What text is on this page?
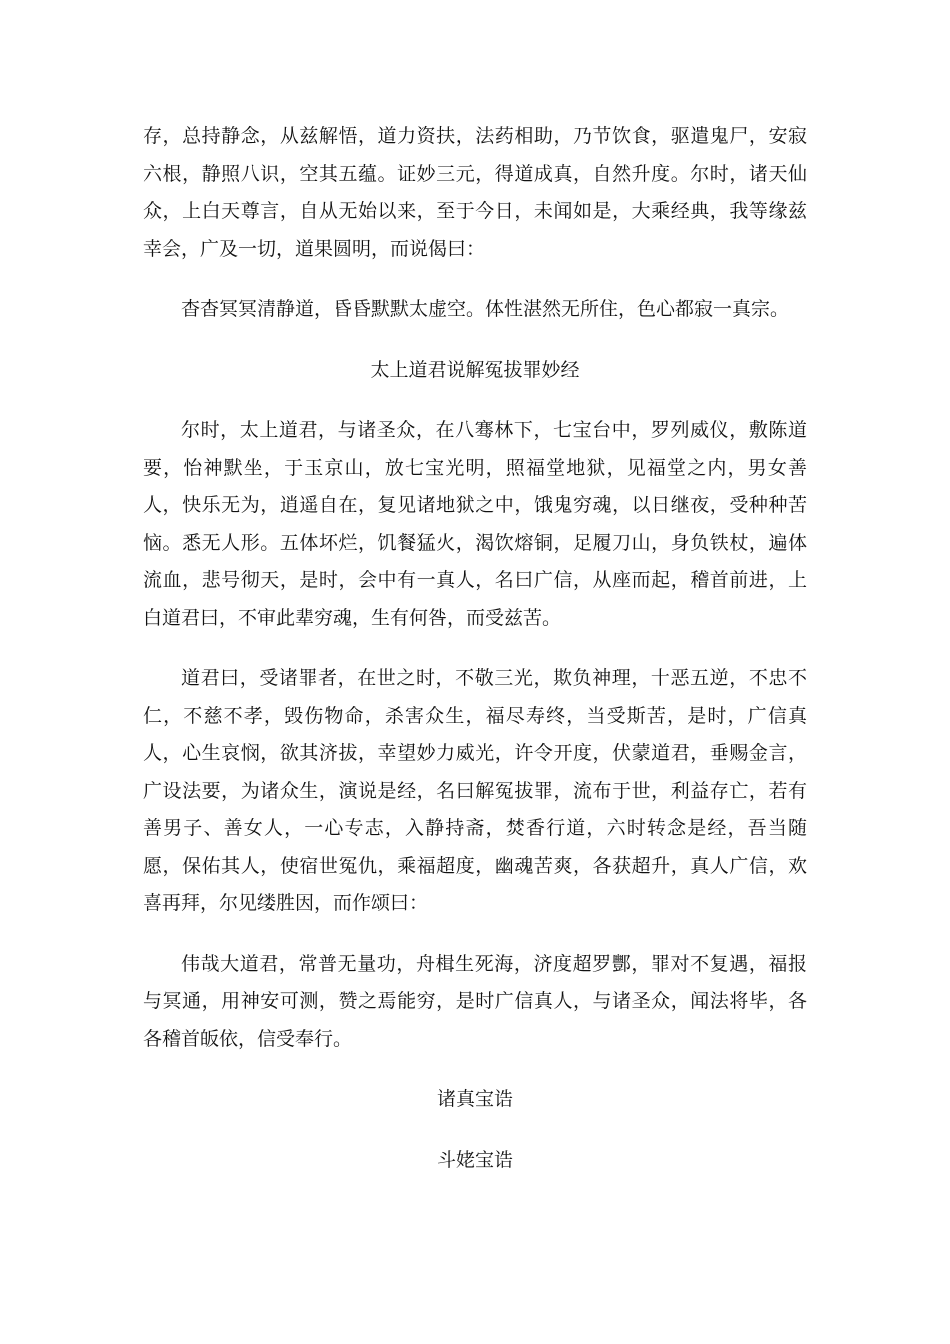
存，总持静念，从兹解悟，道力资扶，法药相助，乃节饮食，驱遣鬼尸，安寂六根，静照八识，空其五蕴。证妙三元，得道成真，自然升度。尔时，诸天仙众，上白天尊言，自从无始以来，至于今日，未闻如是，大乘经典，我等缘兹幸会，广及一切，道果圆明，而说偈曰：

杳杳冥冥清静道，昏昏默默太虚空。体性湛然无所住，色心都寂一真宗。

太上道君说解冤拔罪妙经

尔时，太上道君，与诸圣众，在八骞林下，七宝台中，罗列威仪，敷陈道要，怡神默坐，于玉京山，放七宝光明，照福堂地狱，见福堂之内，男女善人，快乐无为，逍遥自在，复见诸地狱之中，饿鬼穷魂，以日继夜，受种种苦恼。悉无人形。五体坏烂，饥餐猛火，渴饮熔铜，足履刀山，身负铁杖，遍体流血，悲号彻天，是时，会中有一真人，名曰广信，从座而起，稽首前进，上白道君曰，不审此辈穷魂，生有何咎，而受兹苦。

道君曰，受诸罪者，在世之时，不敬三光，欺负神理，十恶五逆，不忠不仁，不慈不孝，毁伤物命，杀害众生，福尽寿终，当受斯苦，是时，广信真人，心生哀悯，欲其济拔，幸望妙力威光，许令开度，伏蒙道君，垂赐金言，广设法要，为诸众生，演说是经，名曰解冤拔罪，流布于世，利益存亡，若有善男子、善女人，一心专志，入静持斋，焚香行道，六时转念是经，吾当随愿，保佑其人，使宿世冤仇，乘福超度，幽魂苦爽，各获超升，真人广信，欢喜再拜，尔见缕胜因，而作颂曰：

伟哉大道君，常普无量功，舟楫生死海，济度超罗酆，罪对不复遇，福报与冥通，用神安可测，赞之焉能穷，是时广信真人，与诸圣众，闻法将毕，各各稽首皈依，信受奉行。

诸真宝诰

斗姥宝诰
